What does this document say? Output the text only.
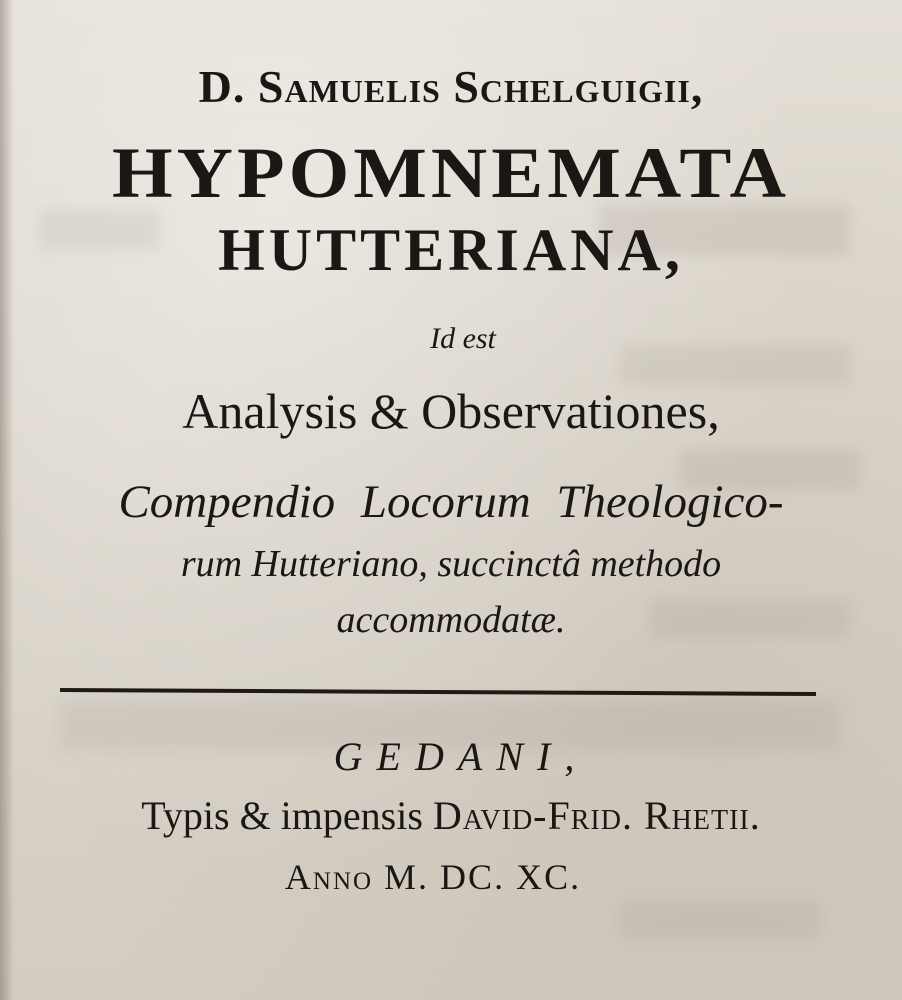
D. Samuelis Schelguigii,
HYPOMNEMATA
HUTTERIANA,
Id est
Analysis & Observationes,
Compendio Locorum Theologico-
rum Hutteriano, succinctâ methodo
accommodatæ.
GEDANI,
Typis & impensis David-Frid. Rhetii.
Anno M. DC. XC.
